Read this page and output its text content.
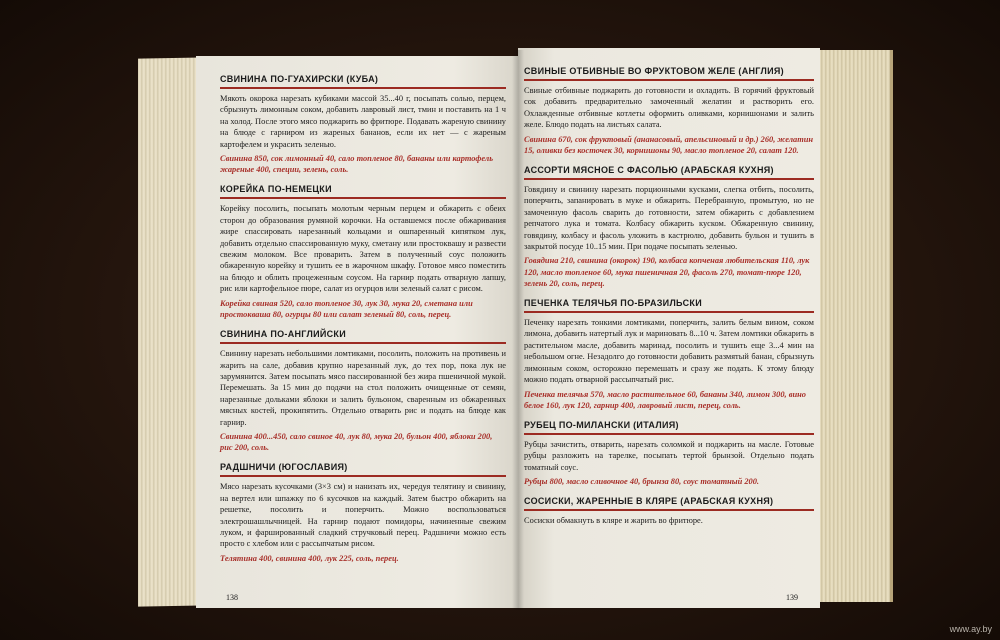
СВИНИНА ПО-ГУАХИРСКИ (КУБА)

Мякоть окорока нарезать кубиками массой 35...40 г, посыпать солью, перцем, сбрызнуть лимонным соком, добавить лавровый лист, тмин и поставить на 1 ч на холод. После этого мясо поджарить во фритюре. Подавать жареную свинину на блюде с гарниром из жареных бананов, если их нет — с жареным картофелем и украсить зеленью.

Свинина 850, сок лимонный 40, сало топленое 80, бананы или картофель жареные 400, специи, зелень, соль.

КОРЕЙКА ПО-НЕМЕЦКИ

Корейку посолить, посыпать молотым черным перцем и обжарить с обеих сторон до образования румяной корочки. На оставшемся после обжаривания жире спассировать нарезанный кольцами и ошпаренный кипятком лук, добавить отдельно спассированную муку, сметану или простоквашу и развести свежим молоком. Все проварить. Затем в полученный соус положить обжаренную корейку и тушить ее в жарочном шкафу. Готовое мясо поместить на блюдо и облить процеженным соусом. На гарнир подать отварную лапшу, рис или картофельное пюре, салат из огурцов или зеленый салат с рисом.

Корейка свиная 520, сало топленое 30, лук 30, мука 20, сметана или простокваша 80, огурцы 80 или салат зеленый 80, соль, перец.

СВИНИНА ПО-АНГЛИЙСКИ

Свинину нарезать небольшими ломтиками, посолить, положить на противень и жарить на сале, добавив крупно нарезанный лук, до тех пор, пока лук не зарумянится. Затем посыпать мясо пассированной без жира пшеничной мукой. Перемешать. За 15 мин до подачи на стол положить очищенные от семян, нарезанные дольками яблоки и залить бульоном, сваренным из обжаренных мясных костей, прокипятить. Отдельно отварить рис и подать на блюде как гарнир.

Свинина 400...450, сало свиное 40, лук 80, мука 20, бульон 400, яблоки 200, рис 200, соль.

РАДШНИЧИ (ЮГОСЛАВИЯ)

Мясо нарезать кусочками (3×3 см) и нанизать их, чередуя телятину и свинину, на вертел или шпажку по 6 кусочков на каждый. Затем быстро обжарить на решетке, посолить и поперчить. Можно воспользоваться электрошашлычницей. На гарнир подают помидоры, начиненные свежим луком, и фаршированный сладкий стручковый перец. Радшничи можно есть просто с хлебом или с рассыпчатым рисом.

Телятина 400, свинина 400, лук 225, соль, перец.

138
СВИНЫЕ ОТБИВНЫЕ ВО ФРУКТОВОМ ЖЕЛЕ (АНГЛИЯ)

Свиные отбивные поджарить до готовности и охладить. В горячий фруктовый сок добавить предварительно замоченный желатин и растворить его. Охлажденные отбивные котлеты оформить оливками, корнишонами и залить желе. Блюдо подать на листьях салата.

Свинина 670, сок фруктовый (ананасовый, апельсиновый и др.) 260, желатин 15, оливки без косточек 30, корнишоны 90, масло топленое 20, салат 120.

АССОРТИ МЯСНОЕ С ФАСОЛЬЮ (АРАБСКАЯ КУХНЯ)

Говядину и свинину нарезать порционными кусками, слегка отбить, посолить, поперчить, запанировать в муке и обжарить. Перебранную, промытую, но не замоченную фасоль сварить до готовности, затем обжарить с добавлением репчатого лука и томата. Колбасу обжарить куском. Обжаренную свинину, говядину, колбасу и фасоль уложить в кастрюлю, добавить бульон и тушить в закрытой посуде 10..15 мин. При подаче посыпать зеленью.

Говядина 210, свинина (окорок) 190, колбаса копченая любительская 110, лук 120, масло топленое 60, мука пшеничная 20, фасоль 270, томат-пюре 120, зелень 20, соль, перец.

ПЕЧЕНКА ТЕЛЯЧЬЯ ПО-БРАЗИЛЬСКИ

Печенку нарезать тонкими ломтиками, поперчить, залить белым вином, соком лимона, добавить натертый лук и мариновать 8...10 ч. Затем ломтики обжарить в растительном масле, добавить маринад, посолить и тушить еще 3...4 мин на небольшом огне. Незадолго до готовности добавить размятый банан, сбрызнуть лимонным соком, осторожно перемешать и сразу же подать. К этому блюду можно подать отварной рассыпчатый рис.

Печенка телячья 570, масло растительное 60, бананы 340, лимон 300, вино белое 160, лук 120, гарнир 400, лавровый лист, перец, соль.

РУБЕЦ ПО-МИЛАНСКИ (ИТАЛИЯ)

Рубцы зачистить, отварить, нарезать соломкой и поджарить на масле. Готовые рубцы разложить на тарелке, посыпать тертой брынзой. Отдельно подать томатный соус.

Рубцы 800, масло сливочное 40, брынза 80, соус томатный 200.

СОСИСКИ, ЖАРЕННЫЕ В КЛЯРЕ (АРАБСКАЯ КУХНЯ)

Сосиски обмакнуть в кляре и жарить во фритюре.

139
www.ay.by
